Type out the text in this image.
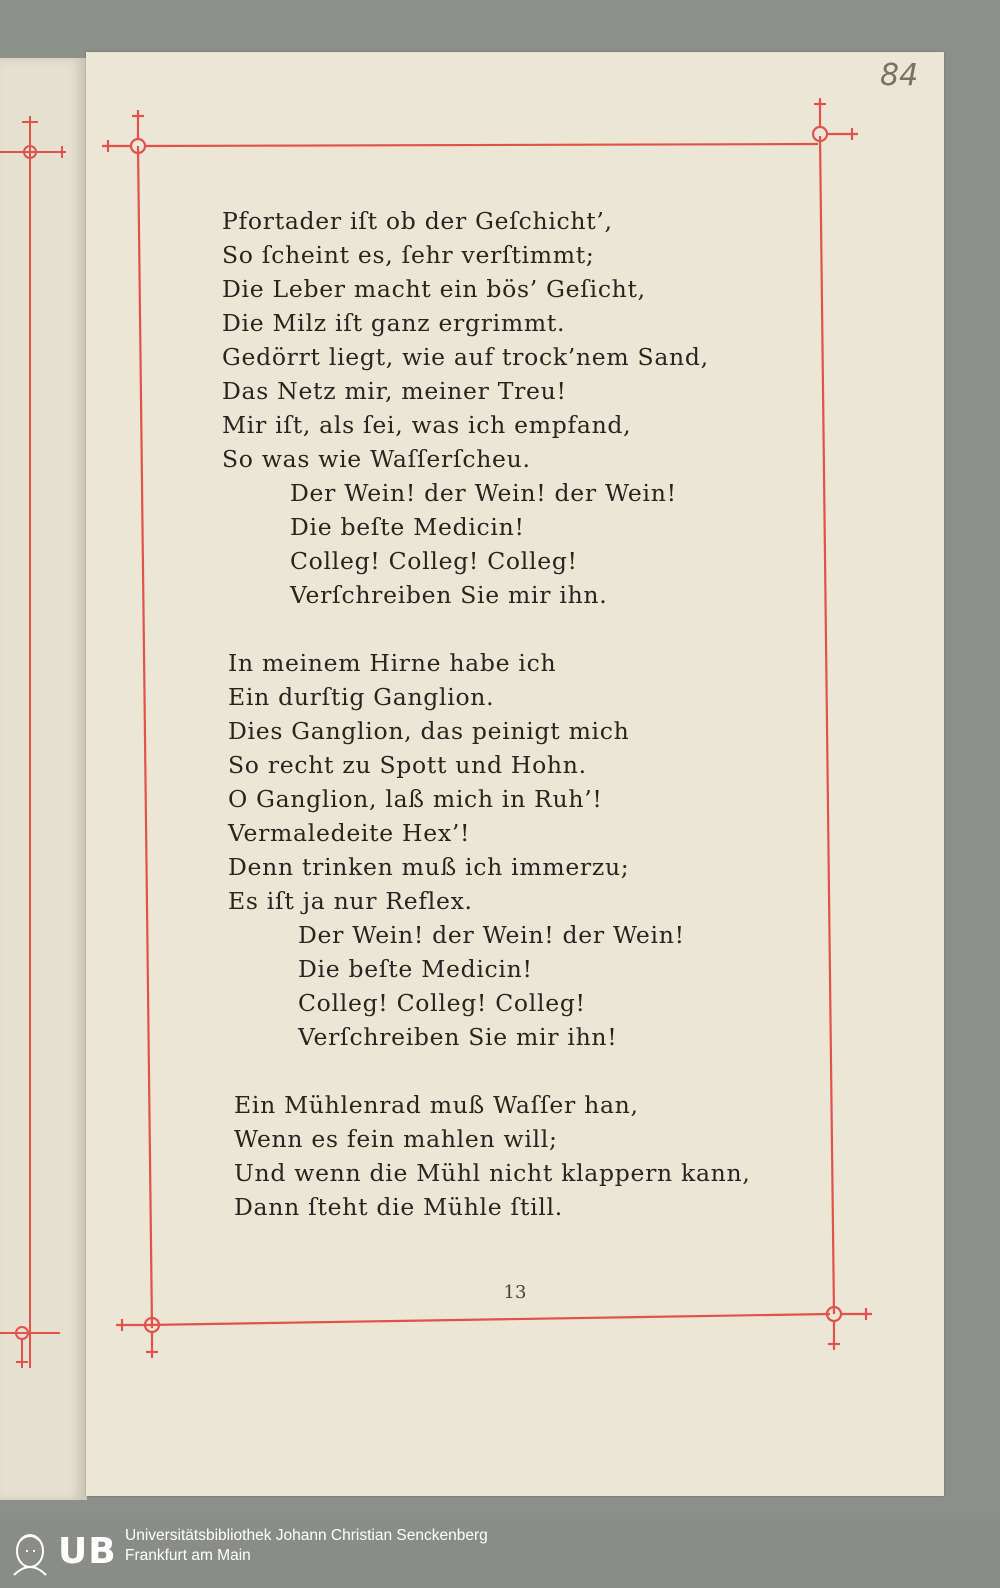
84
Pfortader iſt ob der Geſchicht’,
So ſcheint es, ſehr verſtimmt;
Die Leber macht ein bös’ Geſicht,
Die Milz iſt ganz ergrimmt.
Gedörrt liegt, wie auf trock’nem Sand,
Das Netz mir, meiner Treu!
Mir iſt, als ſei, was ich empfand,
So was wie Waſſerſcheu.
Der Wein! der Wein! der Wein!
Die beſte Medicin!
Colleg! Colleg! Colleg!
Verſchreiben Sie mir ihn.
In meinem Hirne habe ich
Ein durſtig Ganglion.
Dies Ganglion, das peinigt mich
So recht zu Spott und Hohn.
O Ganglion, laß mich in Ruh’!
Vermaledeite Hex’!
Denn trinken muß ich immerzu;
Es iſt ja nur Reflex.
Der Wein! der Wein! der Wein!
Die beſte Medicin!
Colleg! Colleg! Colleg!
Verſchreiben Sie mir ihn!
Ein Mühlenrad muß Waſſer han,
Wenn es fein mahlen will;
Und wenn die Mühl nicht klappern kann,
Dann ſteht die Mühle ſtill.
13
UB Universitätsbibliothek Johann Christian Senckenberg
Frankfurt am Main
